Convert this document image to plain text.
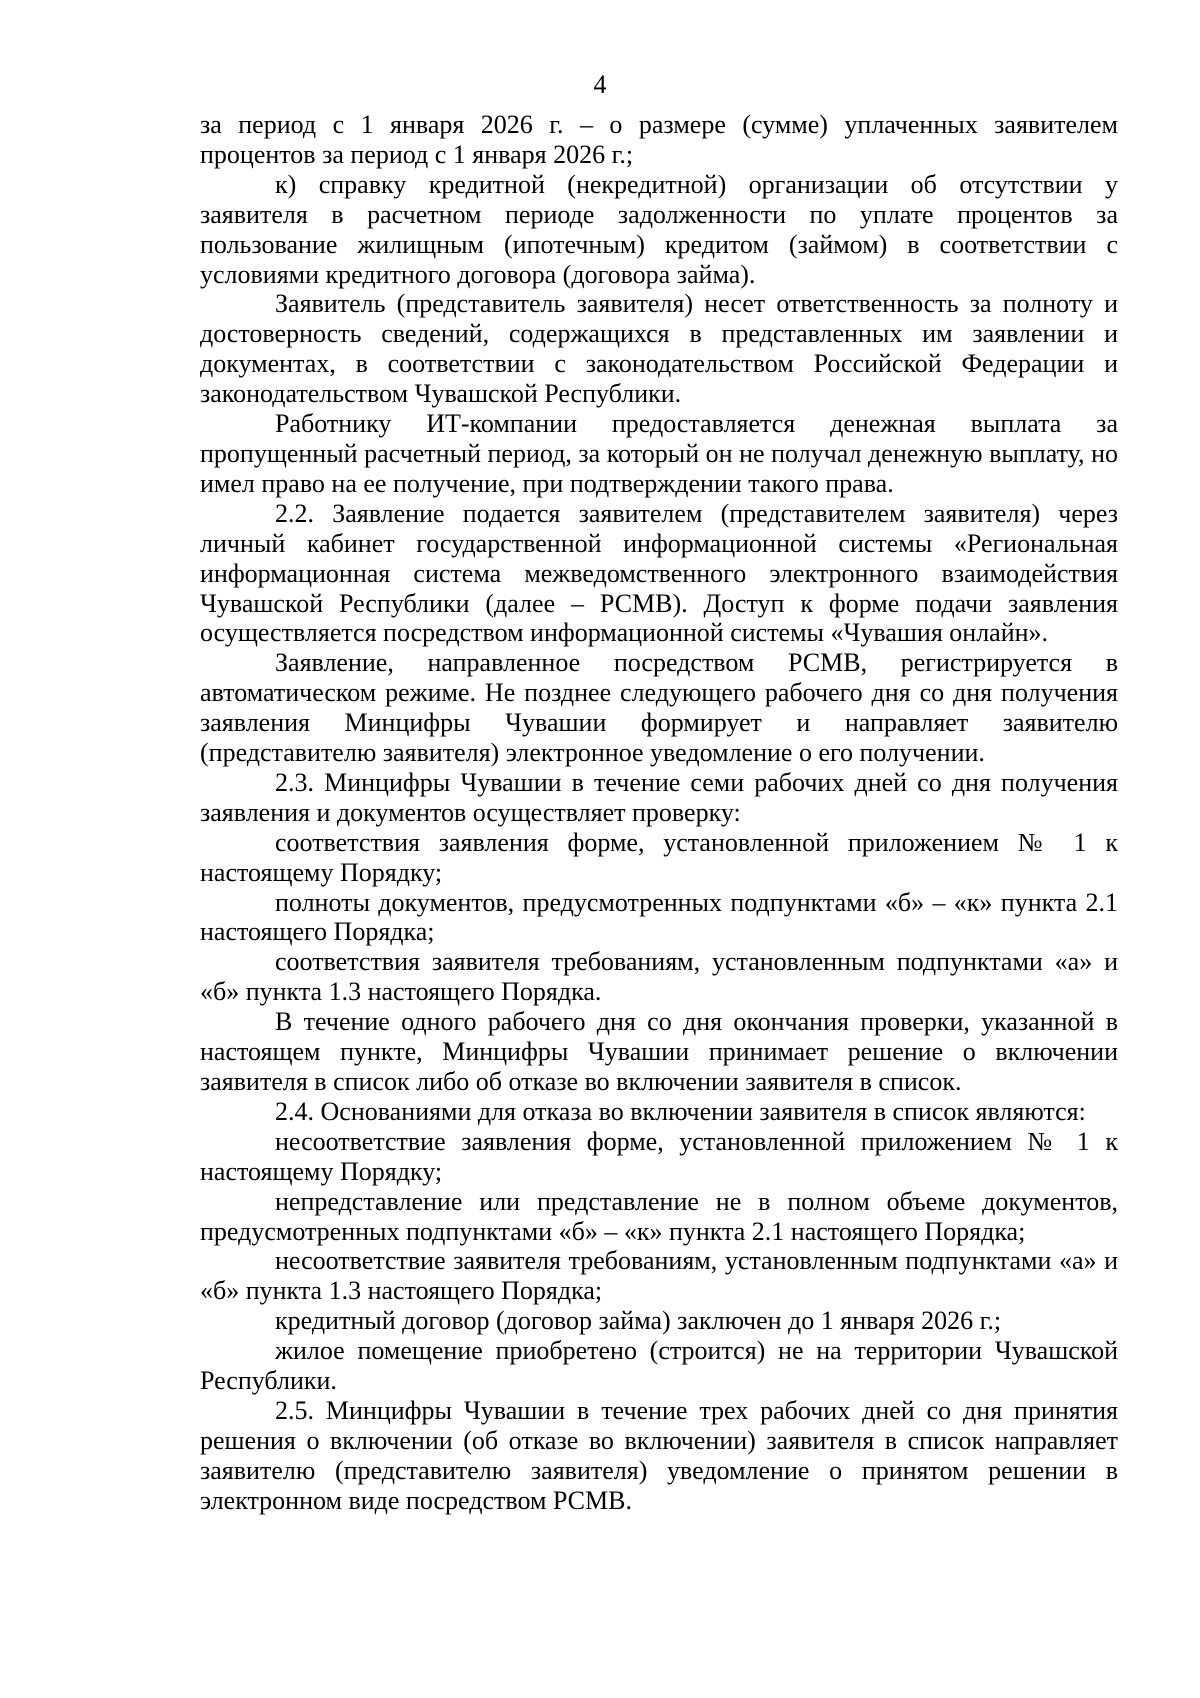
4

за период с 1 января 2026 г. – о размере (сумме) уплаченных заявителем процентов за период с 1 января 2026 г.;

к) справку кредитной (некредитной) организации об отсутствии у заявителя в расчетном периоде задолженности по уплате процентов за пользование жилищным (ипотечным) кредитом (займом) в соответствии с условиями кредитного договора (договора займа).

Заявитель (представитель заявителя) несет ответственность за полноту и достоверность сведений, содержащихся в представленных им заявлении и документах, в соответствии с законодательством Российской Федерации и законодательством Чувашской Республики.

Работнику ИТ-компании предоставляется денежная выплата за пропущенный расчетный период, за который он не получал денежную выплату, но имел право на ее получение, при подтверждении такого права.

2.2. Заявление подается заявителем (представителем заявителя) через личный кабинет государственной информационной системы «Региональная информационная система межведомственного электронного взаимодействия Чувашской Республики (далее – РСМВ). Доступ к форме подачи заявления осуществляется посредством информационной системы «Чувашия онлайн».

Заявление, направленное посредством РСМВ, регистрируется в автоматическом режиме. Не позднее следующего рабочего дня со дня получения заявления Минцифры Чувашии формирует и направляет заявителю (представителю заявителя) электронное уведомление о его получении.

2.3. Минцифры Чувашии в течение семи рабочих дней со дня получения заявления и документов осуществляет проверку:

соответствия заявления форме, установленной приложением № 1 к настоящему Порядку;

полноты документов, предусмотренных подпунктами «б» – «к» пункта 2.1 настоящего Порядка;

соответствия заявителя требованиям, установленным подпунктами «а» и «б» пункта 1.3 настоящего Порядка.

В течение одного рабочего дня со дня окончания проверки, указанной в настоящем пункте, Минцифры Чувашии принимает решение о включении заявителя в список либо об отказе во включении заявителя в список.

2.4. Основаниями для отказа во включении заявителя в список являются:

несоответствие заявления форме, установленной приложением № 1 к настоящему Порядку;

непредставление или представление не в полном объеме документов, предусмотренных подпунктами «б» – «к» пункта 2.1 настоящего Порядка;

несоответствие заявителя требованиям, установленным подпунктами «а» и «б» пункта 1.3 настоящего Порядка;

кредитный договор (договор займа) заключен до 1 января 2026 г.;

жилое помещение приобретено (строится) не на территории Чувашской Республики.

2.5. Минцифры Чувашии в течение трех рабочих дней со дня принятия решения о включении (об отказе во включении) заявителя в список направляет заявителю (представителю заявителя) уведомление о принятом решении в электронном виде посредством РСМВ.
